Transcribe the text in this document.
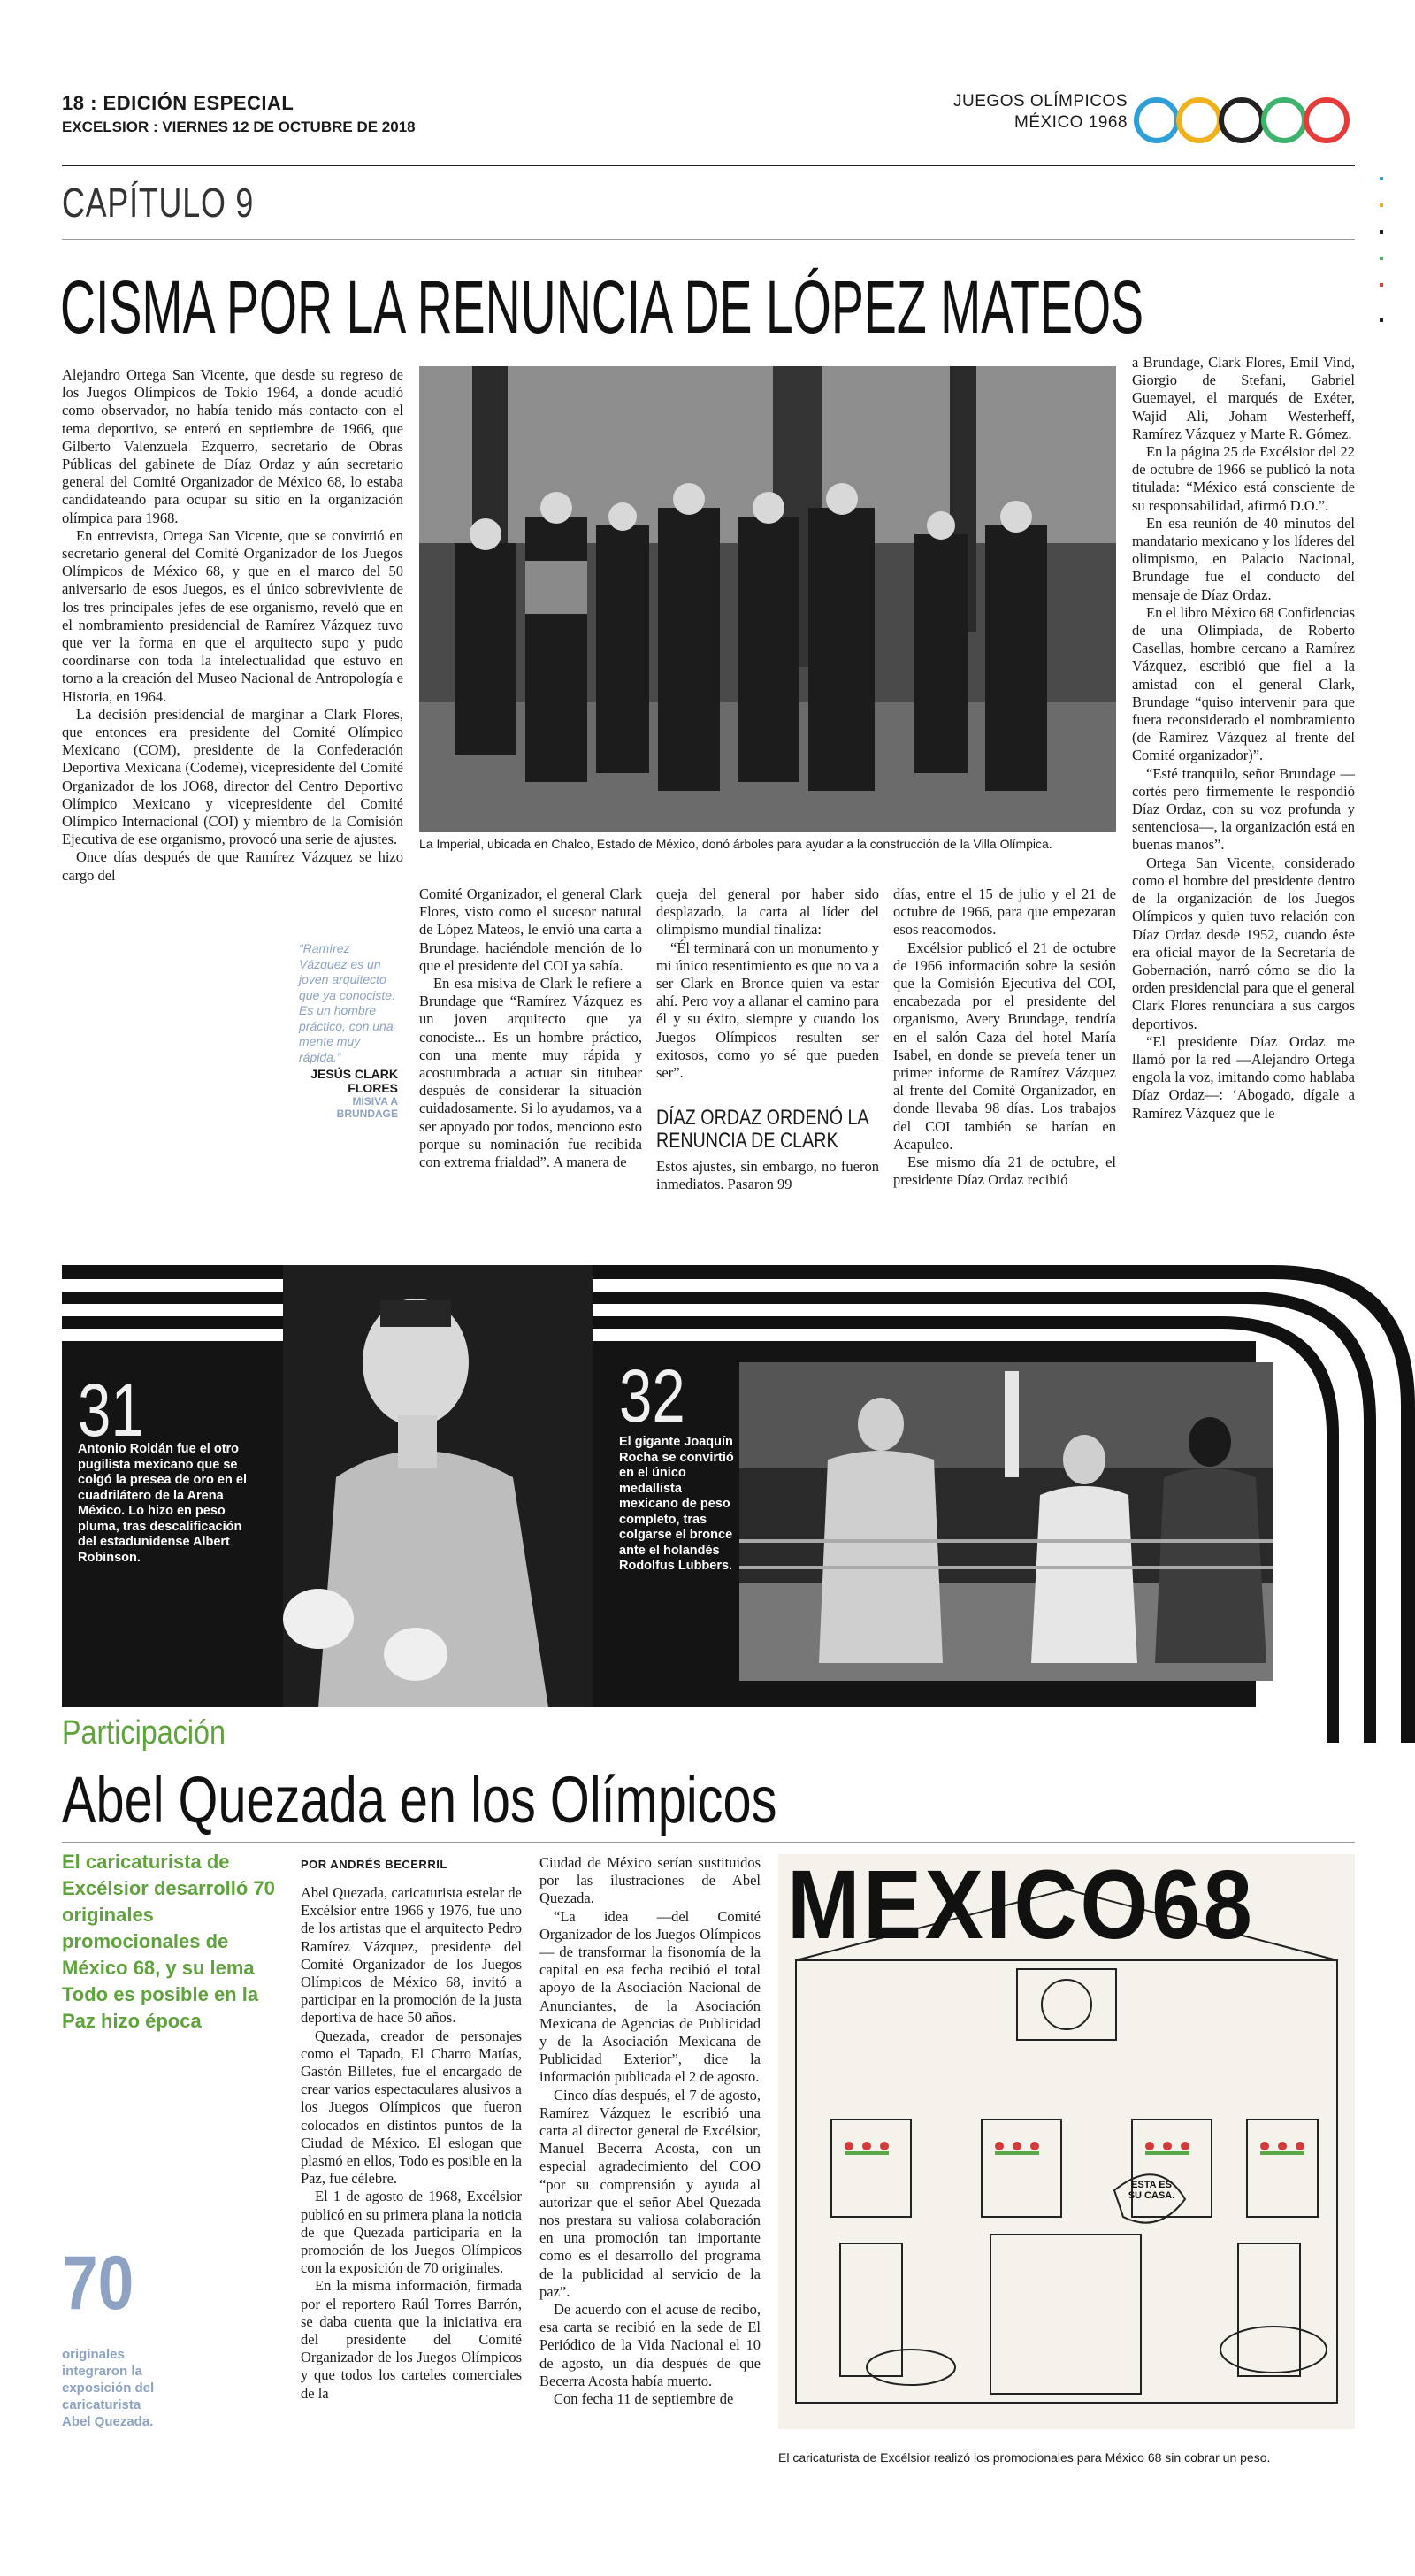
18 : EDICIÓN ESPECIAL
EXCELSIOR : VIERNES 12 DE OCTUBRE DE 2018
JUEGOS OLÍMPICOS
MÉXICO 1968
CAPÍTULO 9
CISMA POR LA RENUNCIA DE LÓPEZ MATEOS
La Imperial, ubicada en Chalco, Estado de México, donó árboles para ayudar a la construcción de la Villa Olímpica.

Alejandro Ortega San Vicente, que desde su regreso de los Juegos Olímpicos de Tokio 1964, a donde acudió como observador, no había tenido más contacto con el tema deportivo, se enteró en septiembre de 1966, que Gilberto Valenzuela Ezquerro, secretario de Obras Públicas del gabinete de Díaz Ordaz y aún secretario general del Comité Organizador de México 68, lo estaba candidateando para ocupar su sitio en la organización olímpica para 1968.

En entrevista, Ortega San Vicente, que se convirtió en secretario general del Comité Organizador de los Juegos Olímpicos de México 68, y que en el marco del 50 aniversario de esos Juegos, es el único sobreviviente de los tres principales jefes de ese organismo, reveló que en el nombramiento presidencial de Ramírez Vázquez tuvo que ver la forma en que el arquitecto supo y pudo coordinarse con toda la intelectualidad que estuvo en torno a la creación del Museo Nacional de Antropología e Historia, en 1964.

La decisión presidencial de marginar a Clark Flores, que entonces era presidente del Comité Olímpico Mexicano (COM), presidente de la Confederación Deportiva Mexicana (Codeme), vicepresidente del Comité Organizador de los JO68, director del Centro Deportivo Olímpico Mexicano y vicepresidente del Comité Olímpico Internacional (COI) y miembro de la Comisión Ejecutiva de ese organismo, provocó una serie de ajustes.

Once días después de que Ramírez Vázquez se hizo cargo del

“Ramírez Vázquez es un joven arquitecto que ya conociste. Es un hombre práctico, con una mente muy rápida.”
JESÚS CLARK FLORES
MISIVA A BRUNDAGE

Comité Organizador, el general Clark Flores, visto como el sucesor natural de López Mateos, le envió una carta a Brundage, haciéndole mención de lo que el presidente del COI ya sabía.

En esa misiva de Clark le refiere a Brundage que “Ramírez Vázquez es un joven arquitecto que ya conociste... Es un hombre práctico, con una mente muy rápida y acostumbrada a actuar sin titubear después de considerar la situación cuidadosamente. Si lo ayudamos, va a ser apoyado por todos, menciono esto porque su nominación fue recibida con extrema frialdad”. A manera de

queja del general por haber sido desplazado, la carta al líder del olimpismo mundial finaliza:

“Él terminará con un monumento y mi único resentimiento es que no va a ser Clark en Bronce quien va estar ahí. Pero voy a allanar el camino para él y su éxito, siempre y cuando los Juegos Olímpicos resulten ser exitosos, como yo sé que pueden ser”.

DÍAZ ORDAZ ORDENÓ LA RENUNCIA DE CLARK

Estos ajustes, sin embargo, no fueron inmediatos. Pasaron 99

días, entre el 15 de julio y el 21 de octubre de 1966, para que empezaran esos reacomodos.

Excélsior publicó el 21 de octubre de 1966 información sobre la sesión que la Comisión Ejecutiva del COI, encabezada por el presidente del organismo, Avery Brundage, tendría en el salón Caza del hotel María Isabel, en donde se preveía tener un primer informe de Ramírez Vázquez al frente del Comité Organizador, en donde llevaba 98 días. Los trabajos del COI también se harían en Acapulco.

Ese mismo día 21 de octubre, el presidente Díaz Ordaz recibió

a Brundage, Clark Flores, Emil Vind, Giorgio de Stefani, Gabriel Guemayel, el marqués de Exéter, Wajid Ali, Joham Westerheff, Ramírez Vázquez y Marte R. Gómez.

En la página 25 de Excélsior del 22 de octubre de 1966 se publicó la nota titulada: “México está consciente de su responsabilidad, afirmó D.O.”.

En esa reunión de 40 minutos del mandatario mexicano y los líderes del olimpismo, en Palacio Nacional, Brundage fue el conducto del mensaje de Díaz Ordaz.

En el libro México 68 Confidencias de una Olimpiada, de Roberto Casellas, hombre cercano a Ramírez Vázquez, escribió que fiel a la amistad con el general Clark, Brundage “quiso intervenir para que fuera reconsiderado el nombramiento (de Ramírez Vázquez al frente del Comité organizador)”.

“Esté tranquilo, señor Brundage —cortés pero firmemente le respondió Díaz Ordaz, con su voz profunda y sentenciosa—, la organización está en buenas manos”.

Ortega San Vicente, considerado como el hombre del presidente dentro de la organización de los Juegos Olímpicos y quien tuvo relación con Díaz Ordaz desde 1952, cuando éste era oficial mayor de la Secretaría de Gobernación, narró cómo se dio la orden presidencial para que el general Clark Flores renunciara a sus cargos deportivos.

“El presidente Díaz Ordaz me llamó por la red —Alejandro Ortega engola la voz, imitando como hablaba Díaz Ordaz—: ‘Abogado, dígale a Ramírez Vázquez que le

31
Antonio Roldán fue el otro pugilista mexicano que se colgó la presea de oro en el cuadrilátero de la Arena México. Lo hizo en peso pluma, tras descalificación del estadunidense Albert Robinson.
32
El gigante Joaquín Rocha se convirtió en el único medallista mexicano de peso completo, tras colgarse el bronce ante el holandés Rodolfus Lubbers.
Participación
Abel Quezada en los Olímpicos
El caricaturista de Excélsior desarrolló 70 originales promocionales de México 68, y su lema Todo es posible en la Paz hizo época
70
originales integraron la exposición del caricaturista Abel Quezada.
POR ANDRÉS BECERRIL

Abel Quezada, caricaturista estelar de Excélsior entre 1966 y 1976, fue uno de los artistas que el arquitecto Pedro Ramírez Vázquez, presidente del Comité Organizador de los Juegos Olímpicos de México 68, invitó a participar en la promoción de la justa deportiva de hace 50 años.

Quezada, creador de personajes como el Tapado, El Charro Matías, Gastón Billetes, fue el encargado de crear varios espectaculares alusivos a los Juegos Olímpicos que fueron colocados en distintos puntos de la Ciudad de México. El eslogan que plasmó en ellos, Todo es posible en la Paz, fue célebre.

El 1 de agosto de 1968, Excélsior publicó en su primera plana la noticia de que Quezada participaría en la promoción de los Juegos Olímpicos con la exposición de 70 originales.

En la misma información, firmada por el reportero Raúl Torres Barrón, se daba cuenta que la iniciativa era del presidente del Comité Organizador de los Juegos Olímpicos y que todos los carteles comerciales de la

Ciudad de México serían sustituidos por las ilustraciones de Abel Quezada.

“La idea —del Comité Organizador de los Juegos Olímpicos— de transformar la fisonomía de la capital en esa fecha recibió el total apoyo de la Asociación Nacional de Anunciantes, de la Asociación Mexicana de Agencias de Publicidad y de la Asociación Mexicana de Publicidad Exterior”, dice la información publicada el 2 de agosto.

Cinco días después, el 7 de agosto, Ramírez Vázquez le escribió una carta al director general de Excélsior, Manuel Becerra Acosta, con un especial agradecimiento del COO “por su comprensión y ayuda al autorizar que el señor Abel Quezada nos prestara su valiosa colaboración en una promoción tan importante como es el desarrollo del programa de la publicidad al servicio de la paz”.

De acuerdo con el acuse de recibo, esa carta se recibió en la sede de El Periódico de la Vida Nacional el 10 de agosto, un día después de que Becerra Acosta había muerto.

Con fecha 11 de septiembre de

MEXICO68
ESTA ES SU CASA.
El caricaturista de Excélsior realizó los promocionales para México 68 sin cobrar un peso.
